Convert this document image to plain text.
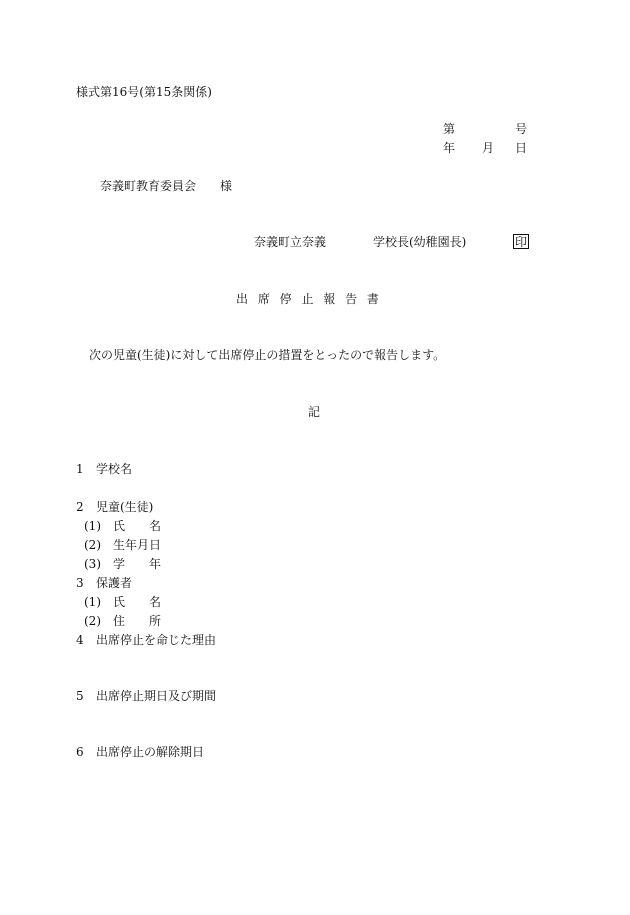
様式第16号(第15条関係)
第	号
年 月 日
奈義町教育委員会 様
奈義町立奈義	学校長(幼稚園長)	印
出 席 停 止 報 告 書
次の児童(生徒)に対して出席停止の措置をとったので報告します。
記
1 学校名
2 児童(生徒)
(1) 氏　　名
(2) 生年月日
(3) 学　　年
3 保護者
(1) 氏　　名
(2) 住　　所
4 出席停止を命じた理由
5 出席停止期日及び期間
6 出席停止の解除期日
